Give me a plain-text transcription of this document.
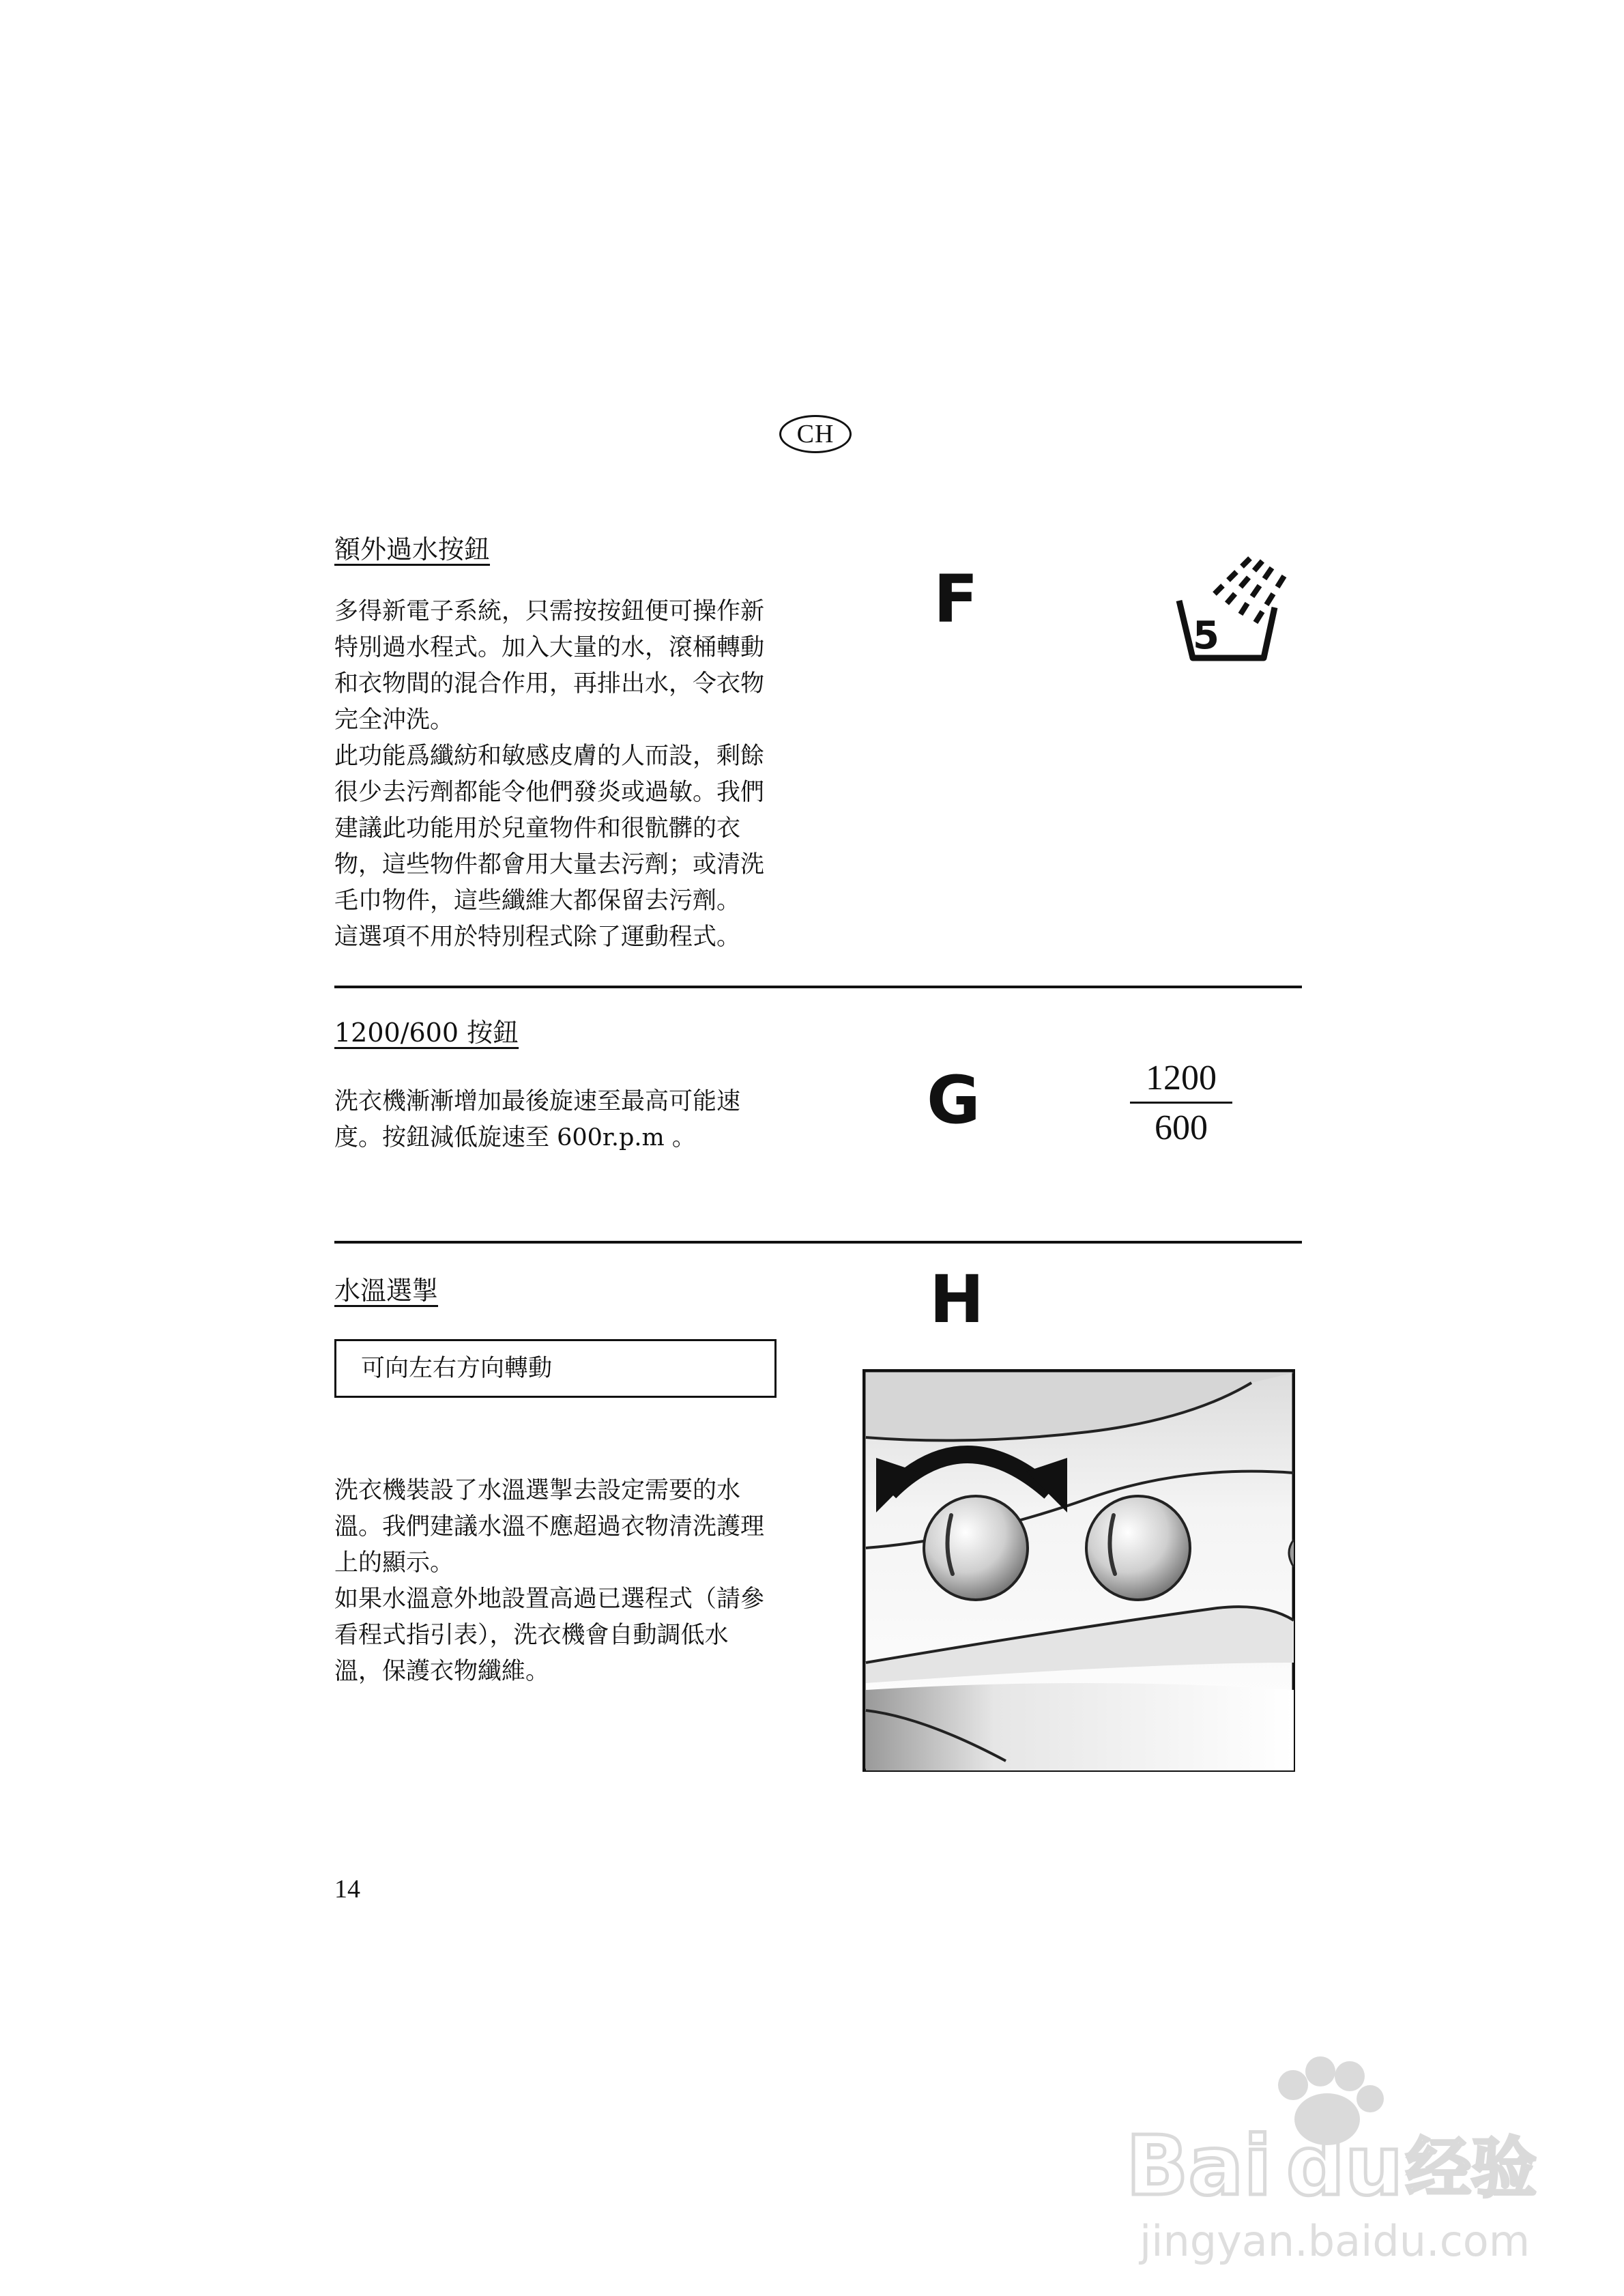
CH
額外過水按鈕
多得新電子系統，只需按按鈕便可操作新
特別過水程式。加入大量的水，滾桶轉動
和衣物間的混合作用，再排出水，令衣物
完全沖洗。
此功能爲纖紡和敏感皮膚的人而設，剩餘
很少去污劑都能令他們發炎或過敏。我們
建議此功能用於兒童物件和很骯髒的衣
物，這些物件都會用大量去污劑；或清洗
毛巾物件，這些纖維大都保留去污劑。
這選項不用於特別程式除了運動程式。
F	5
1200/600 按鈕
洗衣機漸漸增加最後旋速至最高可能速
度。按鈕減低旋速至 600r.p.m 。	G	1200
600
水溫選掣	H
可向左右方向轉動
洗衣機裝設了水溫選掣去設定需要的水
溫。我們建議水溫不應超過衣物清洗護理
上的顯示。
如果水溫意外地設置高過已選程式（請參
看程式指引表），洗衣機會自動調低水
溫，保護衣物纖維。
14
Bai du 经验
jingyan.baidu.com
